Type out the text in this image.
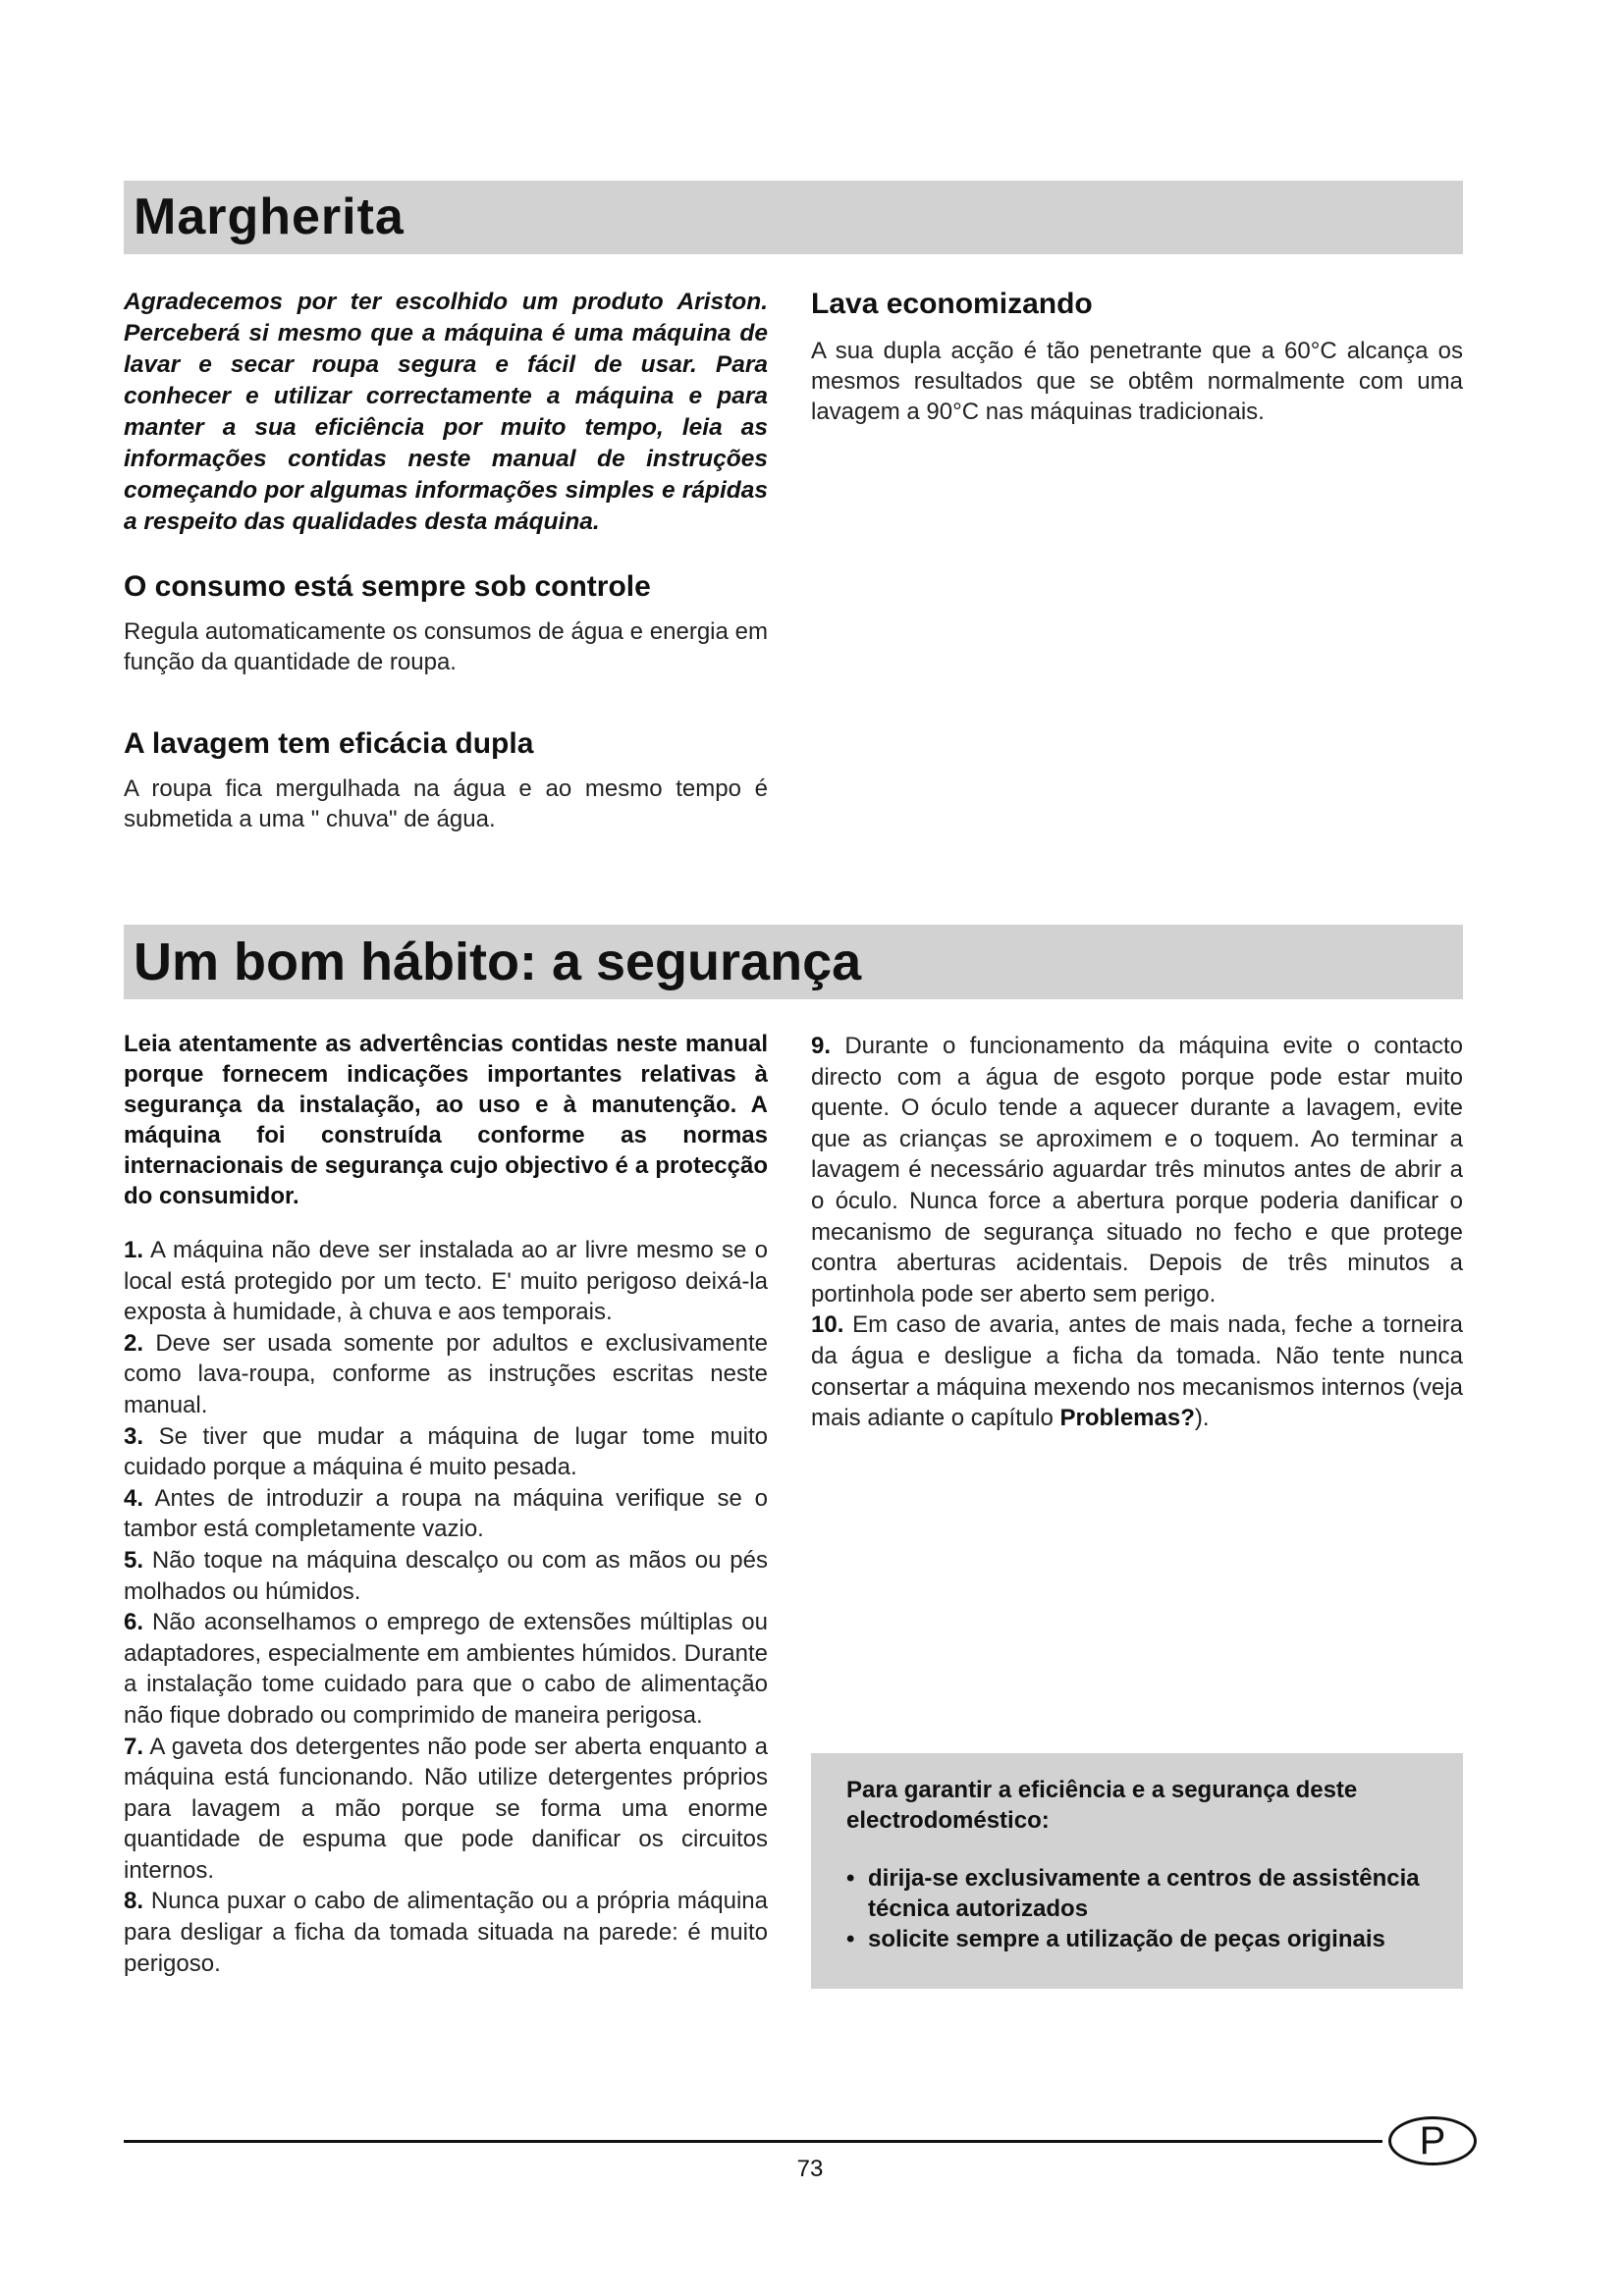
Margherita

Agradecemos por ter escolhido um produto Ariston. Perceberá si mesmo que a máquina é uma máquina de lavar e secar roupa segura e fácil de usar. Para conhecer e utilizar correctamente a máquina e para manter a sua eficiência por muito tempo, leia as informações contidas neste manual de instruções começando por algumas informações simples e rápidas a respeito das qualidades desta máquina.

O consumo está sempre sob controle

Regula automaticamente os consumos de água e energia em função da quantidade de roupa.

A lavagem tem eficácia dupla

A roupa fica mergulhada na água e ao mesmo tempo é submetida a uma " chuva" de água.

Lava economizando

A sua dupla acção é tão penetrante que a 60°C alcança os mesmos resultados que se obtêm normalmente com uma lavagem a 90°C nas máquinas tradicionais.

Um bom hábito: a segurança

Leia atentamente as advertências contidas neste manual porque fornecem indicações importantes relativas à segurança da instalação, ao uso e à manutenção. A máquina foi construída conforme as normas internacionais de segurança cujo objectivo é a protecção do consumidor.

1. A máquina não deve ser instalada ao ar livre mesmo se o local está protegido por um tecto. E' muito perigoso deixá-la exposta à humidade, à chuva e aos temporais.

2. Deve ser usada somente por adultos e exclusivamente como lava-roupa, conforme as instruções escritas neste manual.

3. Se tiver que mudar a máquina de lugar tome muito cuidado porque a máquina é muito pesada.

4. Antes de introduzir a roupa na máquina verifique se o tambor está completamente vazio.

5. Não toque na máquina descalço ou com as mãos ou pés molhados ou húmidos.

6. Não aconselhamos o emprego de extensões múltiplas ou adaptadores, especialmente em ambientes húmidos. Durante a instalação tome cuidado para que o cabo de alimentação não fique dobrado ou comprimido de maneira perigosa.

7. A gaveta dos detergentes não pode ser aberta enquanto a máquina está funcionando. Não utilize detergentes próprios para lavagem a mão porque se forma uma enorme quantidade de espuma que pode danificar os circuitos internos.

8. Nunca puxar o cabo de alimentação ou a própria máquina para desligar a ficha da tomada situada na parede: é muito perigoso.

9. Durante o funcionamento da máquina evite o contacto directo com a água de esgoto porque pode estar muito quente. O óculo tende a aquecer durante a lavagem, evite que as crianças se aproximem e o toquem. Ao terminar a lavagem é necessário aguardar três minutos antes de abrir a o óculo. Nunca force a abertura porque poderia danificar o mecanismo de segurança situado no fecho e que protege contra aberturas acidentais. Depois de três minutos a portinhola pode ser aberto sem perigo.

10. Em caso de avaria, antes de mais nada, feche a torneira da água e desligue a ficha da tomada. Não tente nunca consertar a máquina mexendo nos mecanismos internos (veja mais adiante o capítulo Problemas?).

Para garantir a eficiência e a segurança deste electrodoméstico:

• dirija-se exclusivamente a centros de assistência técnica autorizados
• solicite sempre a utilização de peças originais
P
73
